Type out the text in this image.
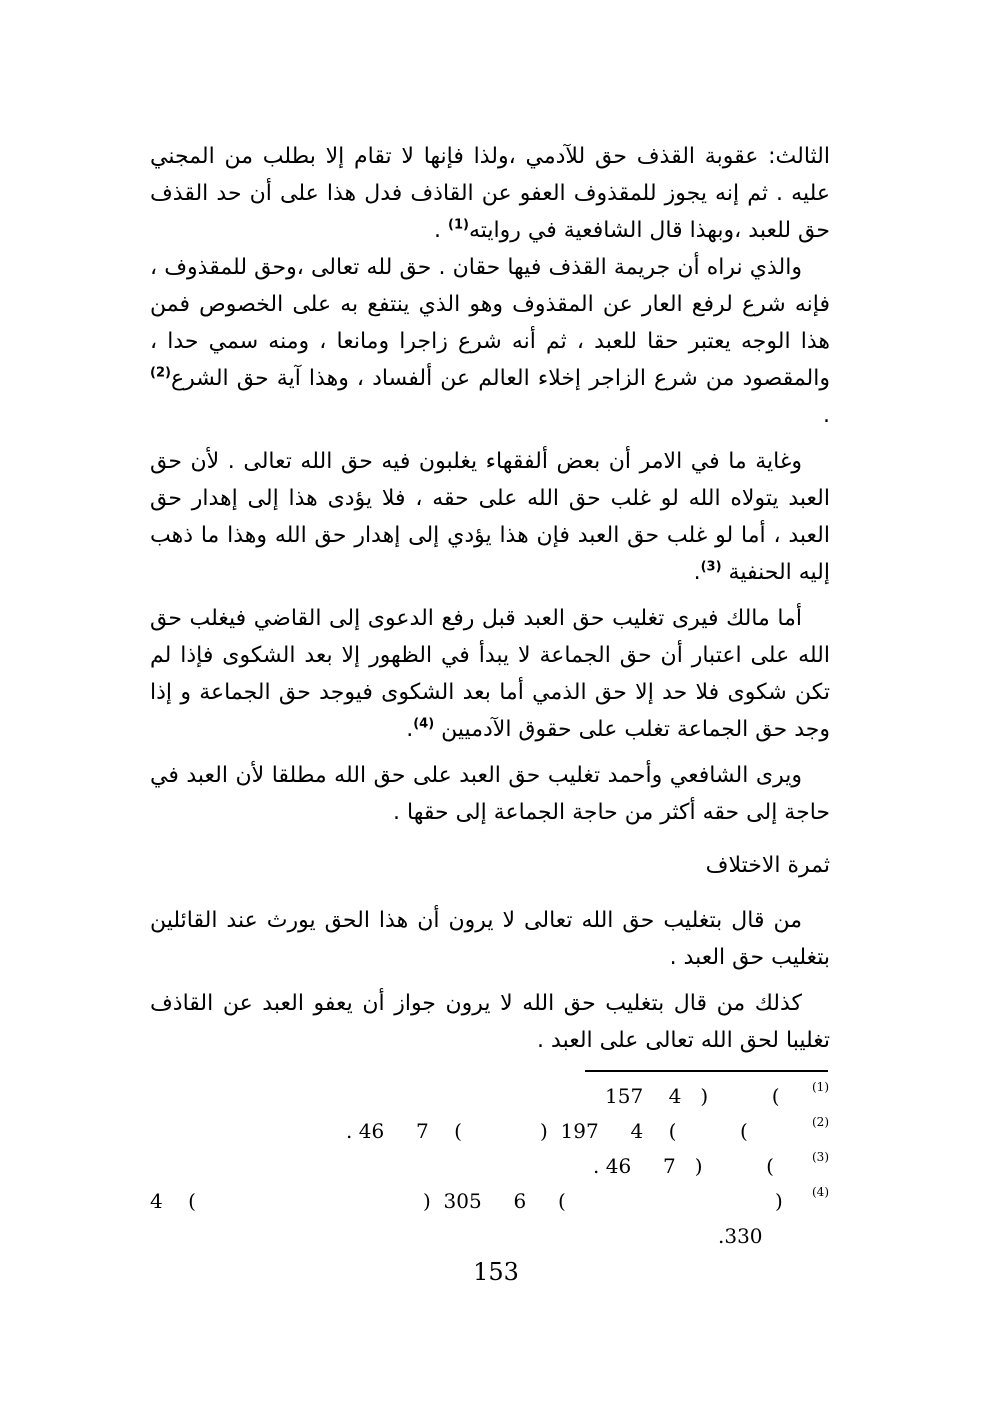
الثالث: عقوبة القذف حق للآدمي ،ولذا فإنها لا تقام إلا بطلب من المجني عليه . ثم إنه يجوز للمقذوف العفو عن القاذف فدل هذا على أن حد القذف حق للعبد ،وبهذا قال الشافعية في روايته$^{(1)}$ .

والذي نراه أن جريمة القذف فيها حقان . حق لله تعالى ،وحق للمقذوف ، فإنه شرع لرفع العار عن المقذوف وهو الذي ينتفع به على الخصوص فمن هذا الوجه يعتبر حقا للعبد ، ثم أنه شرع زاجرا ومانعا ، ومنه سمي حدا ، والمقصود من شرع الزاجر إخلاء العالم عن ألفساد ، وهذا آية حق الشرع$^{(2)}$ .

وغاية ما في الامر أن بعض ألفقهاء يغلبون فيه حق الله تعالى . لأن حق العبد يتولاه الله لو غلب حق الله على حقه ، فلا يؤدى هذا إلى إهدار حق العبد ، أما لو غلب حق العبد فإن هذا يؤدي إلى إهدار حق الله وهذا ما ذهب إليه الحنفية $^{(3)}$.

أما مالك فيرى تغليب حق العبد قبل رفع الدعوى إلى القاضي فيغلب حق الله على اعتبار أن حق الجماعة لا يبدأ في الظهور إلا بعد الشكوى فإذا لم تكن شكوى فلا حد إلا حق الذمي أما بعد الشكوى فيوجد حق الجماعة و إذا وجد حق الجماعة تغلب على حقوق الآدميين $^{(4)}$.

ويرى الشافعي وأحمد تغليب حق العبد على حق الله مطلقا لأن العبد في حاجة إلى حقه أكثر من حاجة الجماعة إلى حقها .

ثمرة الاختلاف

من قال بتغليب حق الله تعالى لا يرون أن هذا الحق يورث عند القائلين بتغليب حق العبد .

كذلك من قال بتغليب حق الله لا يرون جواز أن يعفو العبد عن القاذف تغليبا لحق الله تعالى على العبد .

(1)
157    4   )          (
(2)
. 46     7    (	)  197     4    (          (
(3)
. 46     7   )          (
(4)
4    (	)  305     6     (	)
.330
153
